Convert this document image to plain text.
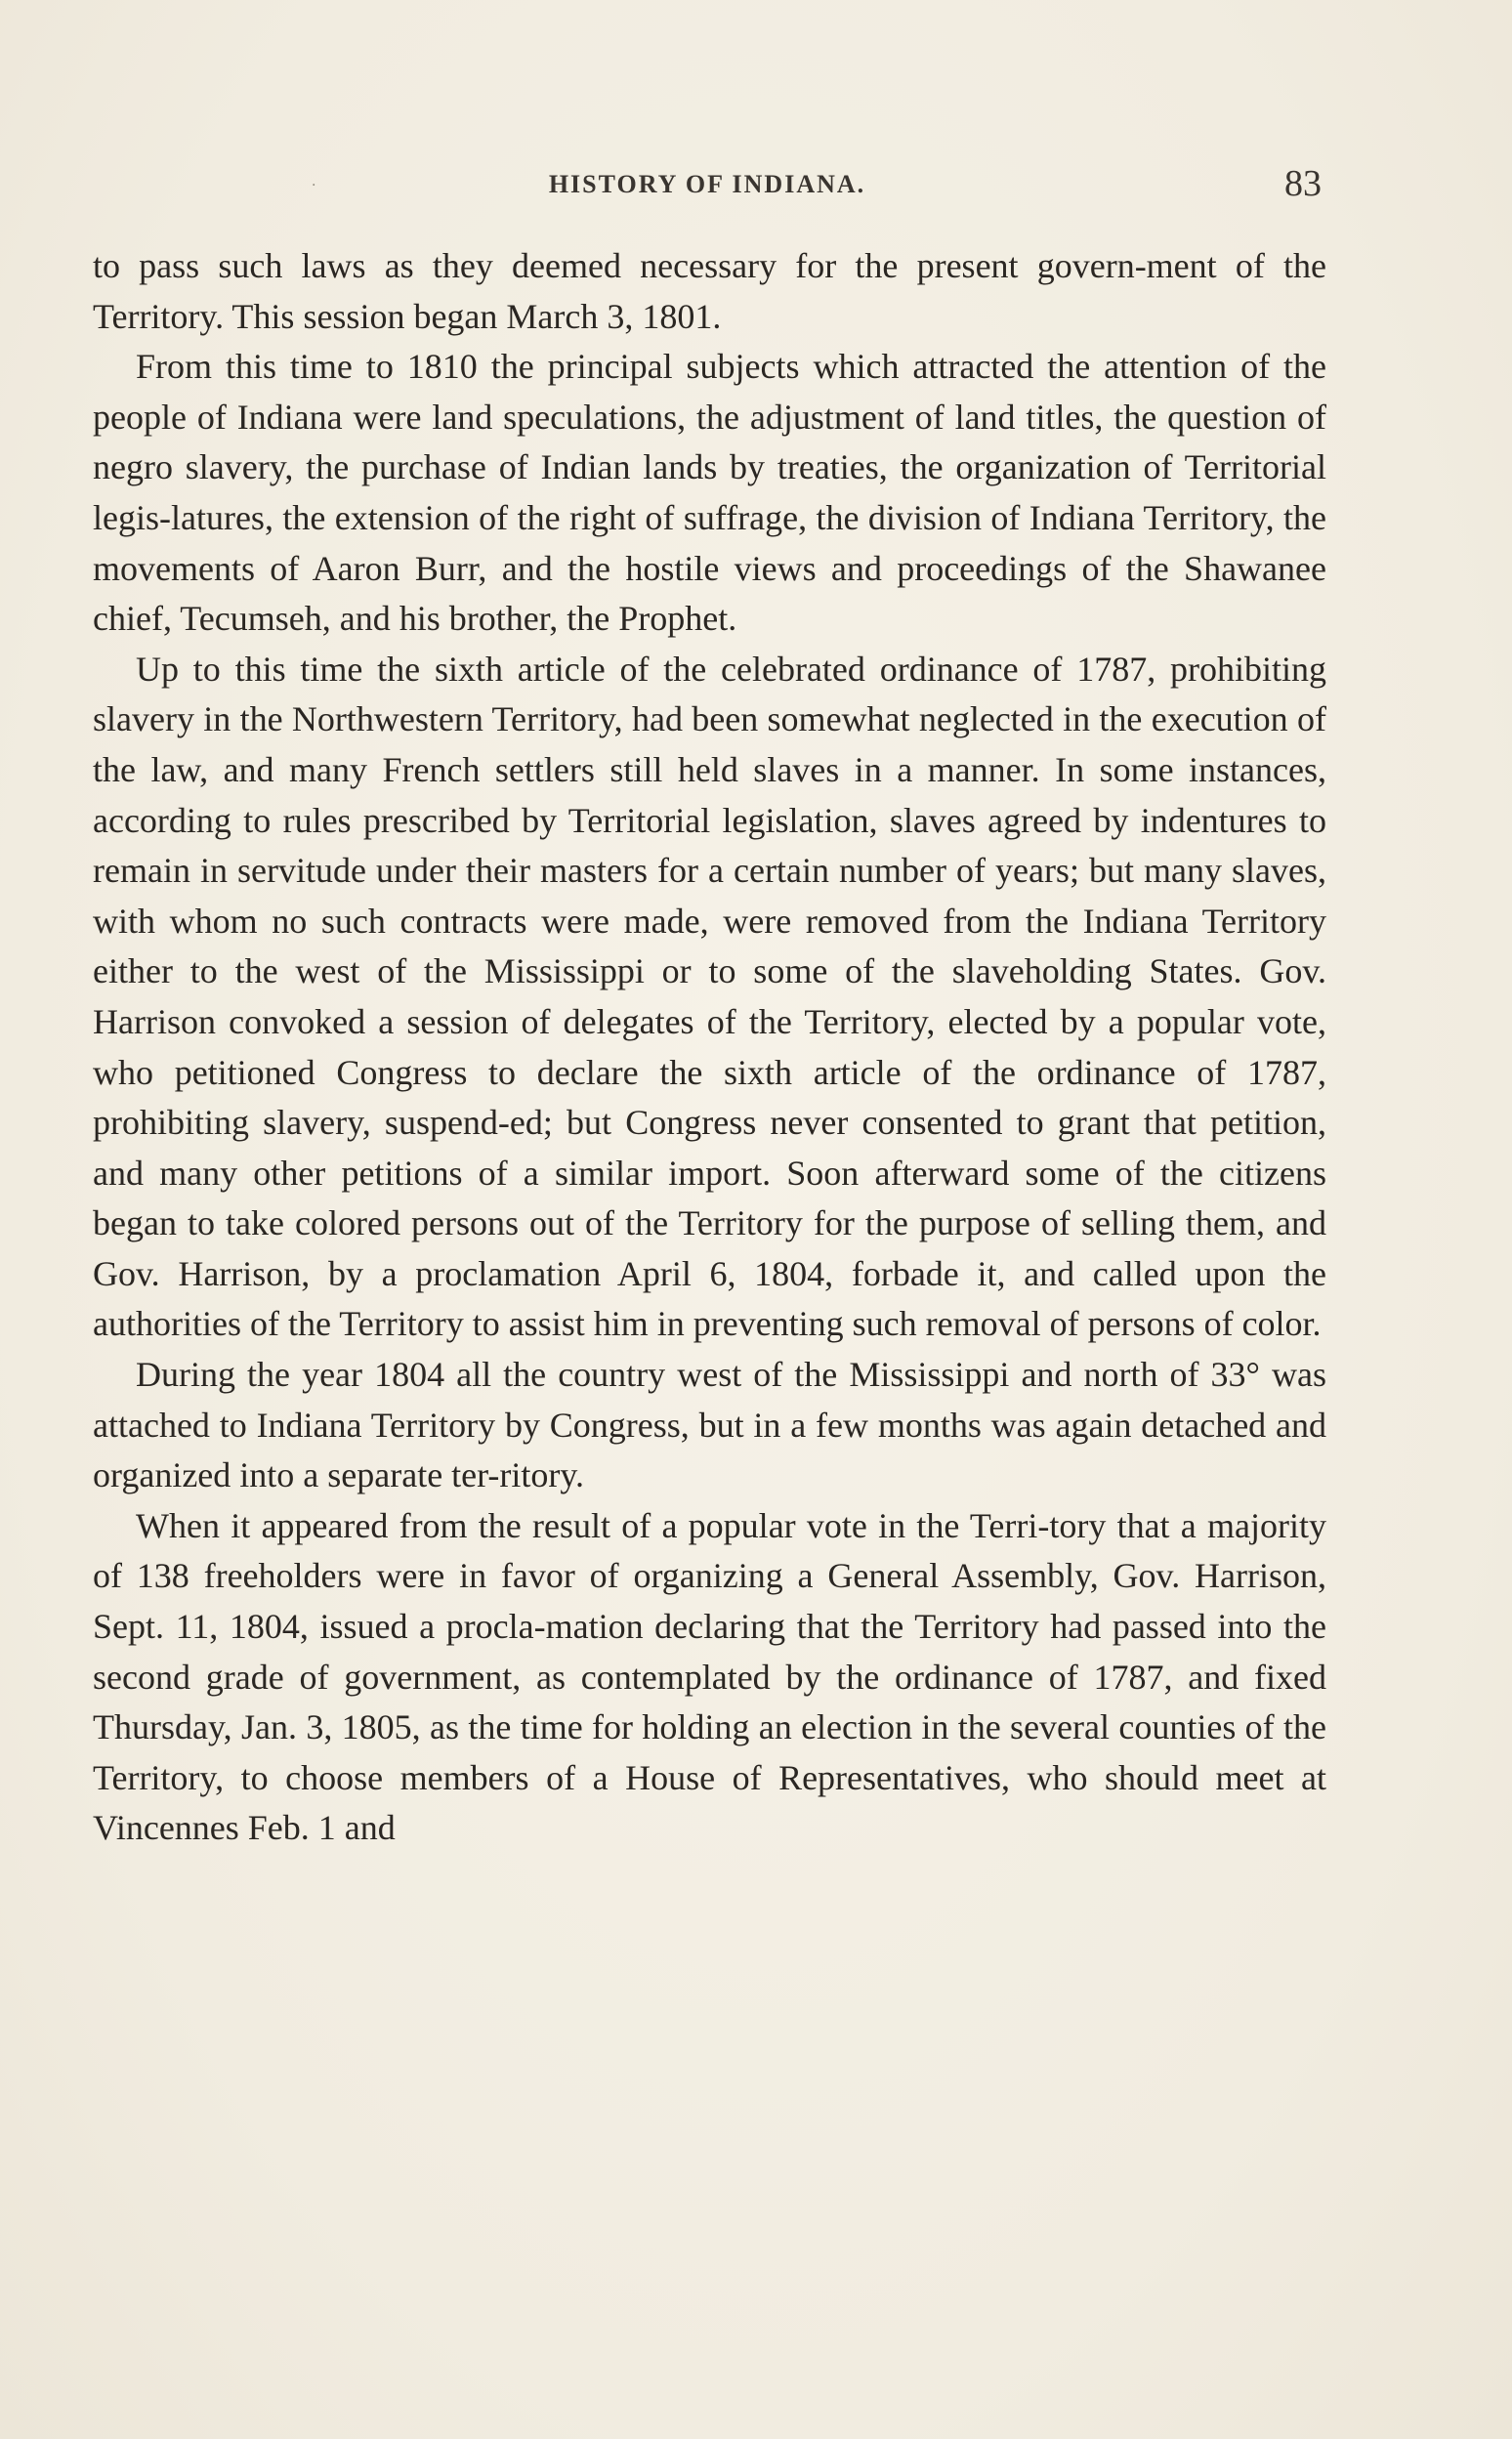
·	HISTORY OF INDIANA.	83

to pass such laws as they deemed necessary for the present govern-ment of the Territory. This session began March 3, 1801.

From this time to 1810 the principal subjects which attracted the attention of the people of Indiana were land speculations, the adjustment of land titles, the question of negro slavery, the purchase of Indian lands by treaties, the organization of Territorial legis-latures, the extension of the right of suffrage, the division of Indiana Territory, the movements of Aaron Burr, and the hostile views and proceedings of the Shawanee chief, Tecumseh, and his brother, the Prophet.

Up to this time the sixth article of the celebrated ordinance of 1787, prohibiting slavery in the Northwestern Territory, had been somewhat neglected in the execution of the law, and many French settlers still held slaves in a manner. In some instances, according to rules prescribed by Territorial legislation, slaves agreed by indentures to remain in servitude under their masters for a certain number of years; but many slaves, with whom no such contracts were made, were removed from the Indiana Territory either to the west of the Mississippi or to some of the slaveholding States. Gov. Harrison convoked a session of delegates of the Territory, elected by a popular vote, who petitioned Congress to declare the sixth article of the ordinance of 1787, prohibiting slavery, suspend-ed; but Congress never consented to grant that petition, and many other petitions of a similar import. Soon afterward some of the citizens began to take colored persons out of the Territory for the purpose of selling them, and Gov. Harrison, by a proclamation April 6, 1804, forbade it, and called upon the authorities of the Territory to assist him in preventing such removal of persons of color.

During the year 1804 all the country west of the Mississippi and north of 33° was attached to Indiana Territory by Congress, but in a few months was again detached and organized into a separate ter-ritory.

When it appeared from the result of a popular vote in the Terri-tory that a majority of 138 freeholders were in favor of organizing a General Assembly, Gov. Harrison, Sept. 11, 1804, issued a procla-mation declaring that the Territory had passed into the second grade of government, as contemplated by the ordinance of 1787, and fixed Thursday, Jan. 3, 1805, as the time for holding an election in the several counties of the Territory, to choose members of a House of Representatives, who should meet at Vincennes Feb. 1 and
